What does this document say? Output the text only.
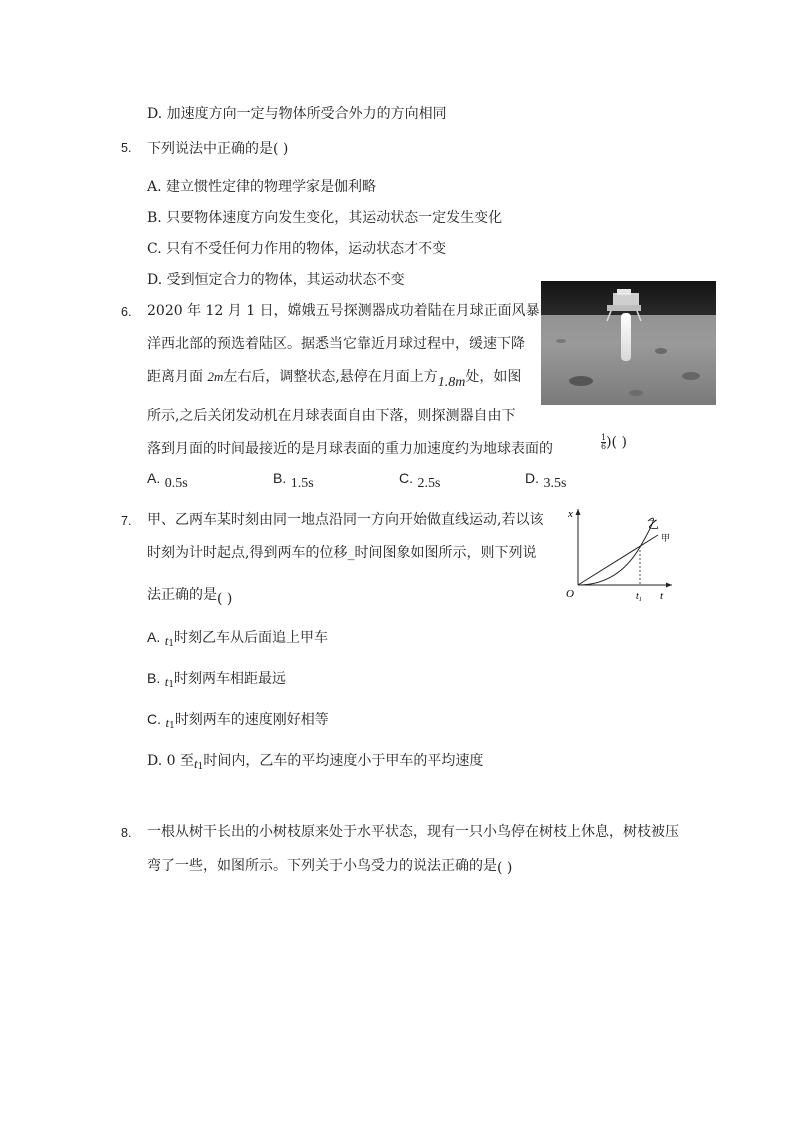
D. 加速度方向一定与物体所受合外力的方向相同
5. 下列说法中正确的是( )
A. 建立惯性定律的物理学家是伽利略
B. 只要物体速度方向发生变化，其运动状态一定发生变化
C. 只有不受任何力作用的物体，运动状态才不变
D. 受到恒定合力的物体，其运动状态不变
6. 2020 年 12 月 1 日，嫦娥五号探测器成功着陆在月球正面风暴
洋西北部的预选着陆区。据悉当它靠近月球过程中，缓速下降
距离月面 2m左右后，调整状态,悬停在月面上方1.8m处，如图
所示,之后关闭发动机在月球表面自由下落，则探测器自由下
落到月面的时间最接近的是月球表面的重力加速度约为地球表面的	$\frac{1}{6}$ )( )
A. 0.5s	B. 1.5s	C. 2.5s	D. 3.5s
7. 甲、乙两车某时刻由同一地点沿同一方向开始做直线运动,若以该
时刻为计时起点,得到两车的位移_时间图象如图所示，则下列说
法正确的是( )
x
t
O
乙
甲
$t_1$
A. $t_1$时刻乙车从后面追上甲车
B. $t_1$时刻两车相距最远
C. $t_1$时刻两车的速度刚好相等
D. 0 至$t_1$时间内，乙车的平均速度小于甲车的平均速度
8. 一根从树干长出的小树枝原来处于水平状态，现有一只小鸟停在树枝上休息，树枝被压
弯了一些，如图所示。下列关于小鸟受力的说法正确的是( )
